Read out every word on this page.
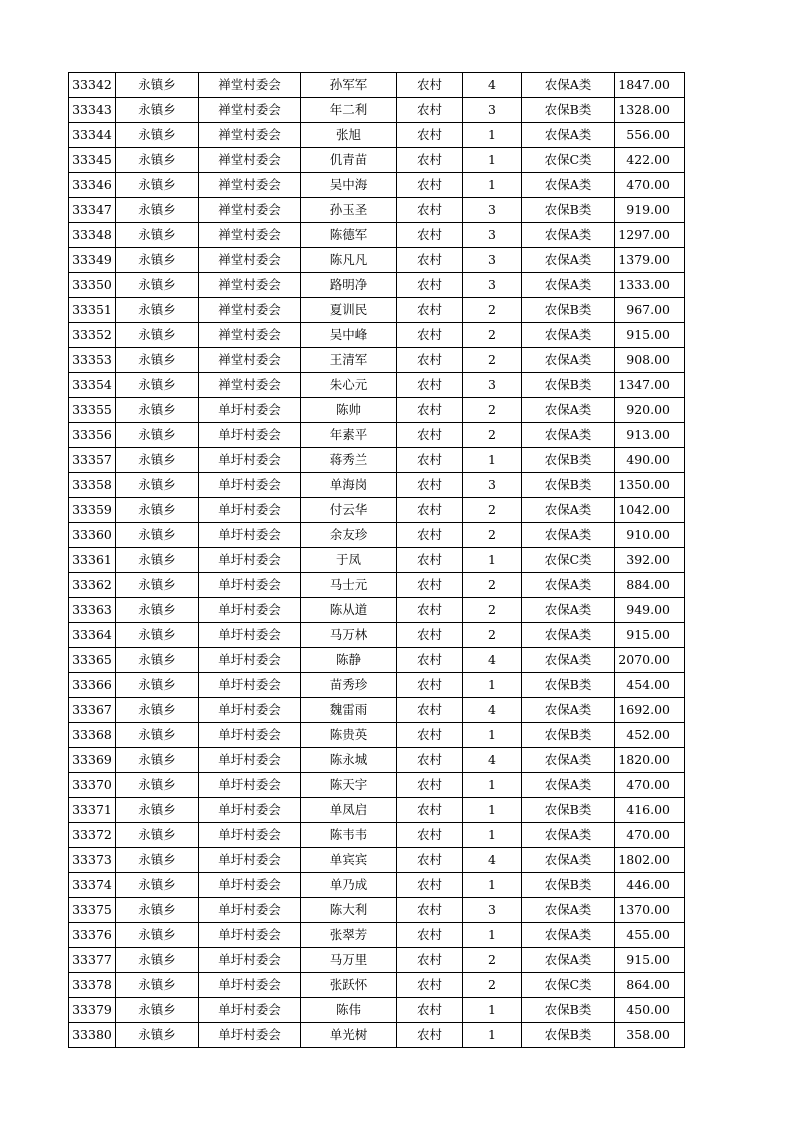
33342	永镇乡	禅堂村委会	孙军军	农村	4	农保A类	1847.00
33343	永镇乡	禅堂村委会	年二利	农村	3	农保B类	1328.00
33344	永镇乡	禅堂村委会	张旭	农村	1	农保A类	556.00
33345	永镇乡	禅堂村委会	仉青苗	农村	1	农保C类	422.00
33346	永镇乡	禅堂村委会	吴中海	农村	1	农保A类	470.00
33347	永镇乡	禅堂村委会	孙玉圣	农村	3	农保B类	919.00
33348	永镇乡	禅堂村委会	陈德军	农村	3	农保A类	1297.00
33349	永镇乡	禅堂村委会	陈凡凡	农村	3	农保A类	1379.00
33350	永镇乡	禅堂村委会	路明净	农村	3	农保A类	1333.00
33351	永镇乡	禅堂村委会	夏训民	农村	2	农保B类	967.00
33352	永镇乡	禅堂村委会	吴中峰	农村	2	农保A类	915.00
33353	永镇乡	禅堂村委会	王清军	农村	2	农保A类	908.00
33354	永镇乡	禅堂村委会	朱心元	农村	3	农保B类	1347.00
33355	永镇乡	单圩村委会	陈帅	农村	2	农保A类	920.00
33356	永镇乡	单圩村委会	年素平	农村	2	农保A类	913.00
33357	永镇乡	单圩村委会	蒋秀兰	农村	1	农保B类	490.00
33358	永镇乡	单圩村委会	单海岗	农村	3	农保B类	1350.00
33359	永镇乡	单圩村委会	付云华	农村	2	农保A类	1042.00
33360	永镇乡	单圩村委会	余友珍	农村	2	农保A类	910.00
33361	永镇乡	单圩村委会	于凤	农村	1	农保C类	392.00
33362	永镇乡	单圩村委会	马士元	农村	2	农保A类	884.00
33363	永镇乡	单圩村委会	陈从道	农村	2	农保A类	949.00
33364	永镇乡	单圩村委会	马万林	农村	2	农保A类	915.00
33365	永镇乡	单圩村委会	陈静	农村	4	农保A类	2070.00
33366	永镇乡	单圩村委会	苗秀珍	农村	1	农保B类	454.00
33367	永镇乡	单圩村委会	魏雷雨	农村	4	农保A类	1692.00
33368	永镇乡	单圩村委会	陈贵英	农村	1	农保B类	452.00
33369	永镇乡	单圩村委会	陈永城	农村	4	农保A类	1820.00
33370	永镇乡	单圩村委会	陈天宇	农村	1	农保A类	470.00
33371	永镇乡	单圩村委会	单凤启	农村	1	农保B类	416.00
33372	永镇乡	单圩村委会	陈韦韦	农村	1	农保A类	470.00
33373	永镇乡	单圩村委会	单宾宾	农村	4	农保A类	1802.00
33374	永镇乡	单圩村委会	单乃成	农村	1	农保B类	446.00
33375	永镇乡	单圩村委会	陈大利	农村	3	农保A类	1370.00
33376	永镇乡	单圩村委会	张翠芳	农村	1	农保A类	455.00
33377	永镇乡	单圩村委会	马万里	农村	2	农保A类	915.00
33378	永镇乡	单圩村委会	张跃怀	农村	2	农保C类	864.00
33379	永镇乡	单圩村委会	陈伟	农村	1	农保B类	450.00
33380	永镇乡	单圩村委会	单光树	农村	1	农保B类	358.00
